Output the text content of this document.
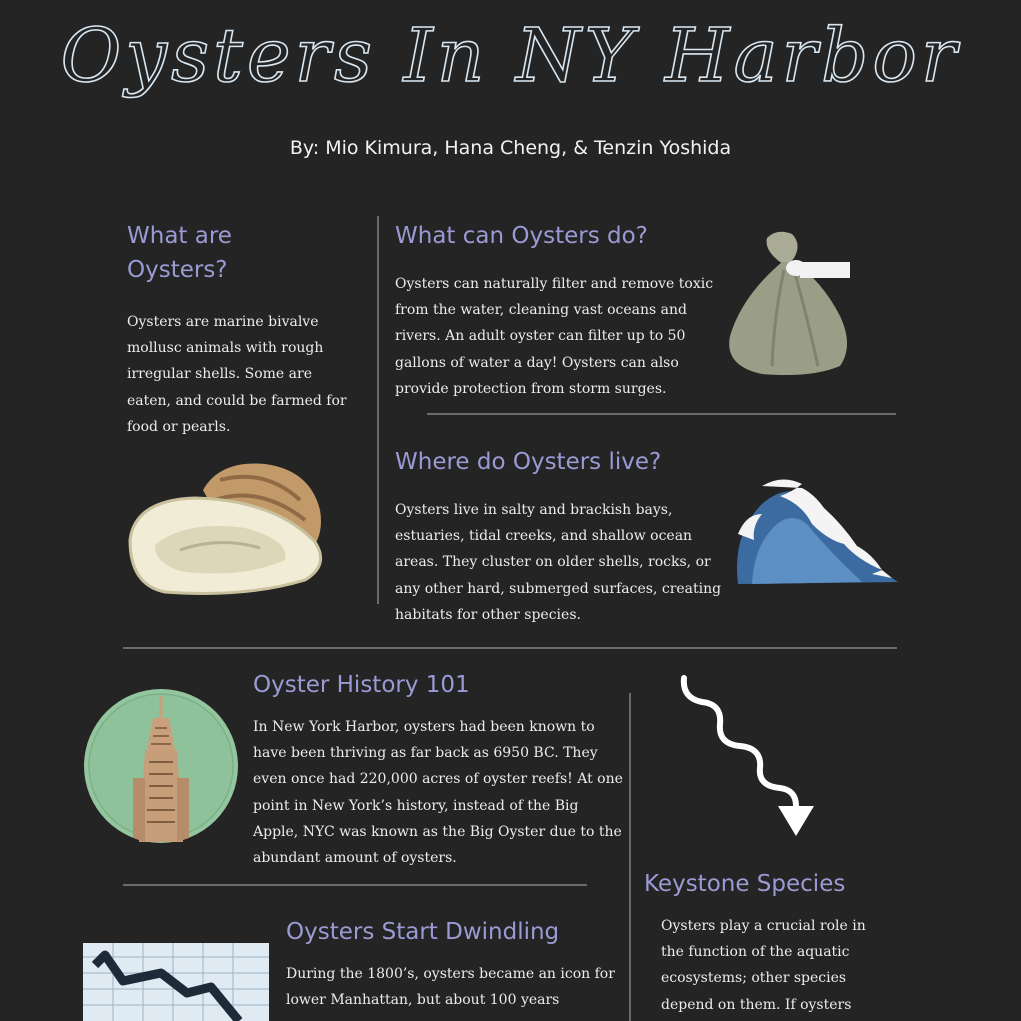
Oysters In NY Harbor
By: Mio Kimura, Hana Cheng, & Tenzin Yoshida
What are Oysters?

Oysters are marine bivalve mollusc animals with rough irregular shells. Some are eaten, and could be farmed for food or pearls.

What can Oysters do?

Oysters can naturally filter and remove toxic from the water, cleaning vast oceans and rivers. An adult oyster can filter up to 50 gallons of water a day! Oysters can also provide protection from storm surges.

Where do Oysters live?

Oysters live in salty and brackish bays, estuaries, tidal creeks, and shallow ocean areas. They cluster on older shells, rocks, or any other hard, submerged surfaces, creating habitats for other species.

Oyster History 101

In New York Harbor, oysters had been known to have been thriving as far back as 6950 BC. They even once had 220,000 acres of oyster reefs! At one point in New York’s history, instead of the Big Apple, NYC was known as the Big Oyster due to the abundant amount of oysters.

Keystone Species

Oysters play a crucial role in the function of the aquatic ecosystems; other species depend on them. If oysters

Oysters Start Dwindling

During the 1800’s, oysters became an icon for lower Manhattan, but about 100 years
